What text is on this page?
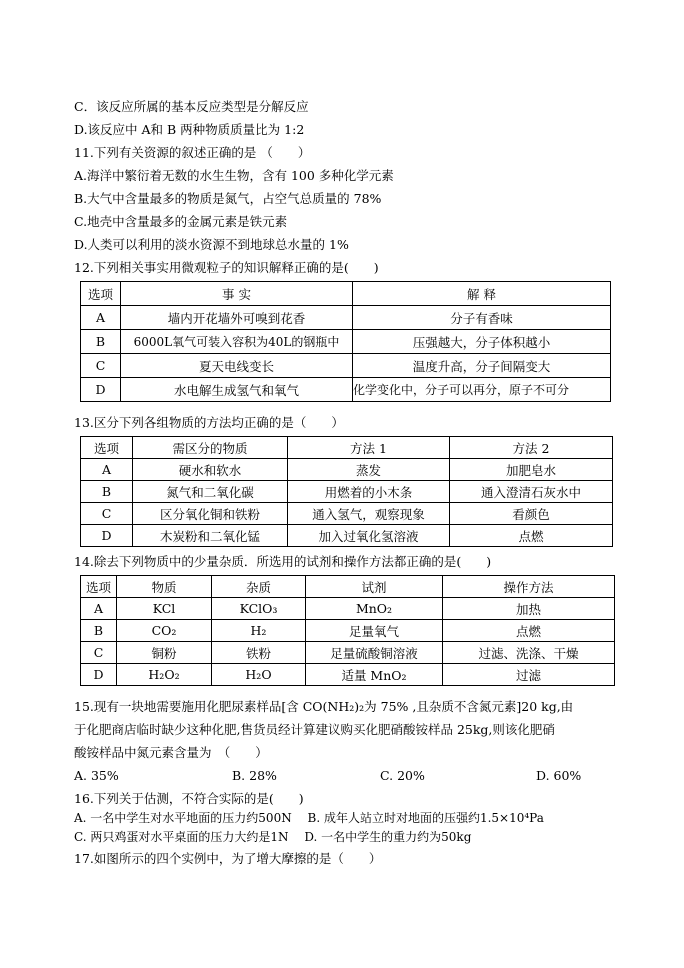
C．该反应所属的基本反应类型是分解反应
D.该反应中 A和 B 两种物质质量比为 1:2
11.下列有关资源的叙述正确的是 （　　）
A.海洋中繁衍着无数的水生生物，含有 100 多种化学元素
B.大气中含量最多的物质是氮气，占空气总质量的 78%
C.地壳中含量最多的金属元素是铁元素
D.人类可以利用的淡水资源不到地球总水量的 1%
12.下列相关事实用微观粒子的知识解释正确的是(　　)
选项	事 实	解 释
A	墙内开花墙外可嗅到花香	分子有香味
B	6000L氧气可装入容积为40L的钢瓶中	压强越大，分子体积越小
C	夏天电线变长	温度升高，分子间隔变大
D	水电解生成氢气和氧气	化学变化中，分子可以再分，原子不可分
13.区分下列各组物质的方法均正确的是（　　）
选项	需区分的物质	方法 1	方法 2
A	硬水和软水	蒸发	加肥皂水
B	氮气和二氧化碳	用燃着的小木条	通入澄清石灰水中
C	区分氧化铜和铁粉	通入氢气，观察现象	看颜色
D	木炭粉和二氧化锰	加入过氧化氢溶液	点燃
14.除去下列物质中的少量杂质．所选用的试剂和操作方法都正确的是(　　)
选项	物质	杂质	试剂	操作方法
A	KCl	KClO₃	MnO₂	加热
B	CO₂	H₂	足量氧气	点燃
C	铜粉	铁粉	足量硫酸铜溶液	过滤、洗涤、干燥
D	H₂O₂	H₂O	适量 MnO₂	过滤
15.现有一块地需要施用化肥尿素样品[含 CO(NH₂)₂为 75% ,且杂质不含氮元素]20 kg,由
于化肥商店临时缺少这种化肥,售货员经计算建议购买化肥硝酸铵样品 25kg,则该化肥硝
酸铵样品中氮元素含量为　（　　）
A. 35%	B. 28%	C. 20%	D. 60%
16.下列关于估测，不符合实际的是(　　)
A. 一名中学生对水平地面的压力约500N　 B. 成年人站立时对地面的压强约1.5×10⁴Pa
C. 两只鸡蛋对水平桌面的压力大约是1N　 D. 一名中学生的重力约为50kg
17.如图所示的四个实例中，为了增大摩擦的是（　　）
